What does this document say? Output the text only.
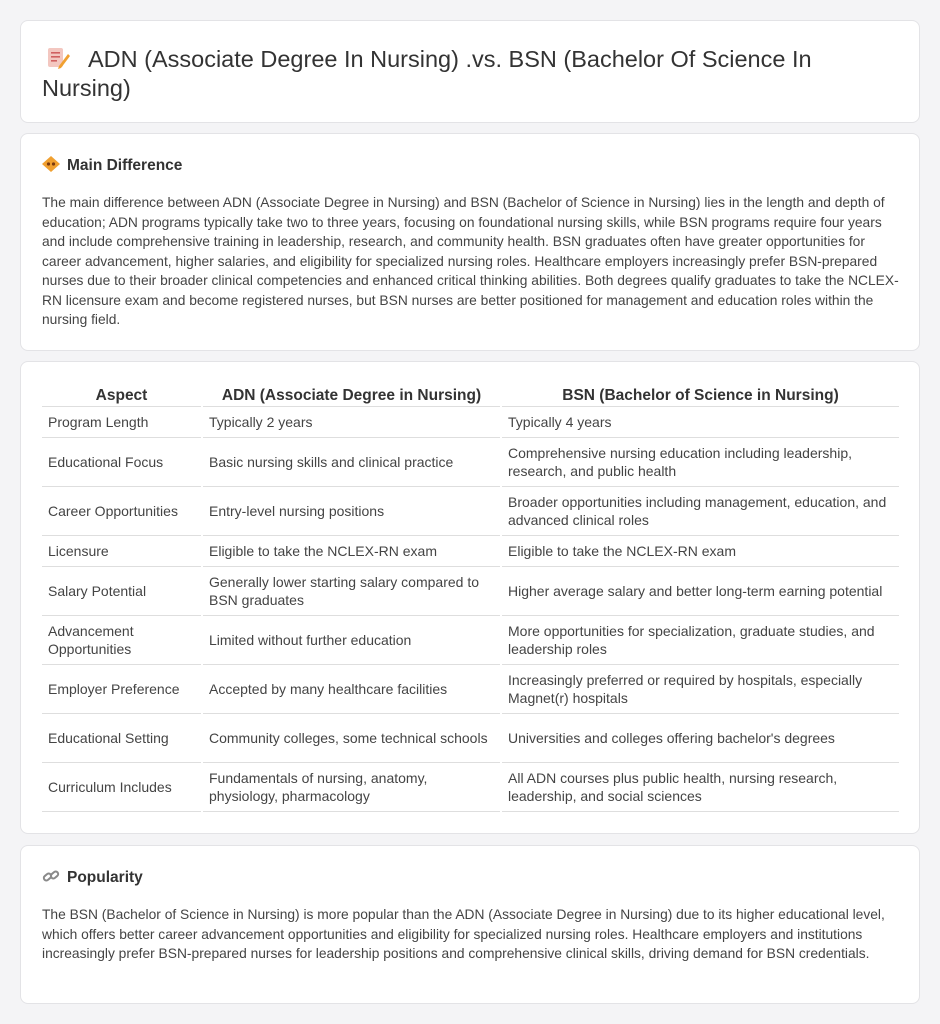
ADN (Associate Degree In Nursing) .vs. BSN (Bachelor Of Science In Nursing)
Main Difference

The main difference between ADN (Associate Degree in Nursing) and BSN (Bachelor of Science in Nursing) lies in the length and depth of education; ADN programs typically take two to three years, focusing on foundational nursing skills, while BSN programs require four years and include comprehensive training in leadership, research, and community health. BSN graduates often have greater opportunities for career advancement, higher salaries, and eligibility for specialized nursing roles. Healthcare employers increasingly prefer BSN-prepared nurses due to their broader clinical competencies and enhanced critical thinking abilities. Both degrees qualify graduates to take the NCLEX-RN licensure exam and become registered nurses, but BSN nurses are better positioned for management and education roles within the nursing field.

Aspect	ADN (Associate Degree in Nursing)	BSN (Bachelor of Science in Nursing)
Program Length	Typically 2 years	Typically 4 years
Educational Focus	Basic nursing skills and clinical practice	Comprehensive nursing education including leadership, research, and public health
Career Opportunities	Entry-level nursing positions	Broader opportunities including management, education, and advanced clinical roles
Licensure	Eligible to take the NCLEX-RN exam	Eligible to take the NCLEX-RN exam
Salary Potential	Generally lower starting salary compared to BSN graduates	Higher average salary and better long-term earning potential
Advancement Opportunities	Limited without further education	More opportunities for specialization, graduate studies, and leadership roles
Employer Preference	Accepted by many healthcare facilities	Increasingly preferred or required by hospitals, especially Magnet(r) hospitals
Educational Setting	Community colleges, some technical schools	Universities and colleges offering bachelor's degrees
Curriculum Includes	Fundamentals of nursing, anatomy, physiology, pharmacology	All ADN courses plus public health, nursing research, leadership, and social sciences
Popularity

The BSN (Bachelor of Science in Nursing) is more popular than the ADN (Associate Degree in Nursing) due to its higher educational level, which offers better career advancement opportunities and eligibility for specialized nursing roles. Healthcare employers and institutions increasingly prefer BSN-prepared nurses for leadership positions and comprehensive clinical skills, driving demand for BSN credentials.
